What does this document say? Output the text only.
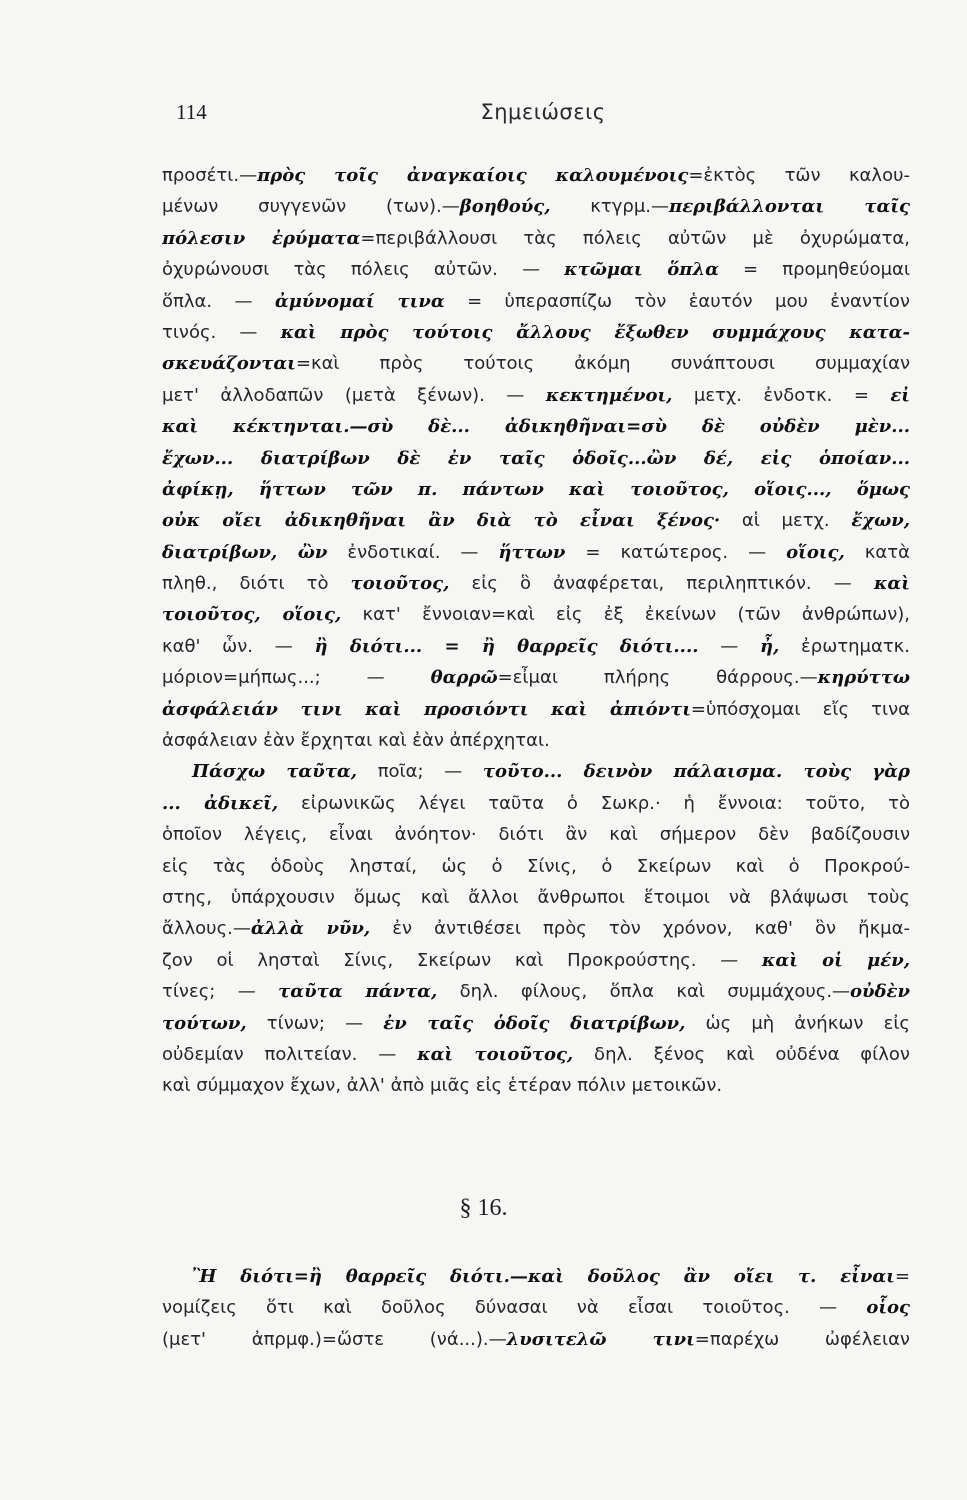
114	Σημειώσεις
προσέτι.—πρὸς τοῖς ἀναγκαίοις καλουμένοις=ἐκτὸς τῶν καλου-
μένων συγγενῶν (των).—βοηθούς, κτγρμ.—περιβάλλονται ταῖς
πόλεσιν ἐρύματα=περιβάλλουσι τὰς πόλεις αὐτῶν μὲ ὀχυρώματα,
ὀχυρώνουσι τὰς πόλεις αὐτῶν. — κτῶμαι ὅπλα = προμηθεύομαι
ὅπλα. — ἀμύνομαί τινα = ὑπερασπίζω τὸν ἑαυτόν μου ἐναντίον
τινός. — καὶ πρὸς τούτοις ἄλλους ἔξωθεν συμμάχους κατα-
σκευάζονται=καὶ πρὸς τούτοις ἀκόμη συνάπτουσι συμμαχίαν
μετ' ἀλλοδαπῶν (μετὰ ξένων). — κεκτημένοι, μετχ. ἐνδοτκ. = εἰ
καὶ κέκτηνται.—σὺ δὲ... ἀδικηθῆναι=σὺ δὲ οὐδὲν μὲν...
ἔχων... διατρίβων δὲ ἐν ταῖς ὁδοῖς...ὢν δέ, εἰς ὁποίαν...
ἀφίκῃ, ἥττων τῶν π. πάντων καὶ τοιοῦτος, οἵοις..., ὅμως
οὐκ οἴει ἀδικηθῆναι ἂν διὰ τὸ εἶναι ξένος· αἱ μετχ. ἔχων,
διατρίβων, ὢν ἐνδοτικαί. — ἥττων = κατώτερος. — οἵοις, κατὰ
πληθ., διότι τὸ τοιοῦτος, εἰς ὃ ἀναφέρεται, περιληπτικόν. — καὶ
τοιοῦτος, οἵοις, κατ' ἔννοιαν=καὶ εἰς ἐξ ἐκείνων (τῶν ἀνθρώπων),
καθ' ὧν. — ἢ διότι... = ἢ θαρρεῖς διότι.... — ἦ, ἐρωτηματκ.
μόριον=μήπως...; — θαρρῶ=εἶμαι πλήρης θάρρους.—κηρύττω
ἀσφάλειάν τινι καὶ προσιόντι καὶ ἀπιόντι=ὑπόσχομαι εἴς τινα
ἀσφάλειαν ἐὰν ἔρχηται καὶ ἐὰν ἀπέρχηται.
Πάσχω ταῦτα, ποῖα; — τοῦτο... δεινὸν πάλαισμα. τοὺς γὰρ
... ἀδικεῖ, εἰρωνικῶς λέγει ταῦτα ὁ Σωκρ.· ἡ ἔννοια: τοῦτο, τὸ
ὁποῖον λέγεις, εἶναι ἀνόητον· διότι ἂν καὶ σήμερον δὲν βαδίζουσιν
εἰς τὰς ὁδοὺς λησταί, ὡς ὁ Σίνις, ὁ Σκείρων καὶ ὁ Προκρού-
στης, ὑπάρχουσιν ὅμως καὶ ἄλλοι ἄνθρωποι ἕτοιμοι νὰ βλάψωσι τοὺς
ἄλλους.—ἀλλὰ νῦν, ἐν ἀντιθέσει πρὸς τὸν χρόνον, καθ' ὃν ἤκμα-
ζον οἱ λησταὶ Σίνις, Σκείρων καὶ Προκρούστης. — καὶ οἱ μέν,
τίνες; — ταῦτα πάντα, δηλ. φίλους, ὅπλα καὶ συμμάχους.—οὐδὲν
τούτων, τίνων; — ἐν ταῖς ὁδοῖς διατρίβων, ὡς μὴ ἀνήκων εἰς
οὐδεμίαν πολιτείαν. — καὶ τοιοῦτος, δηλ. ξένος καὶ οὐδένα φίλον
καὶ σύμμαχον ἔχων, ἀλλ' ἀπὸ μιᾶς εἰς ἑτέραν πόλιν μετοικῶν.
§ 16.
Ἢ διότι=ἢ θαρρεῖς διότι.—καὶ δοῦλος ἂν οἴει τ. εἶναι=
νομίζεις ὅτι καὶ δοῦλος δύνασαι νὰ εἶσαι τοιοῦτος. — οἷος
(μετ' ἀπρμφ.)=ὥστε (νά...).—λυσιτελῶ τινι=παρέχω ὠφέλειαν
